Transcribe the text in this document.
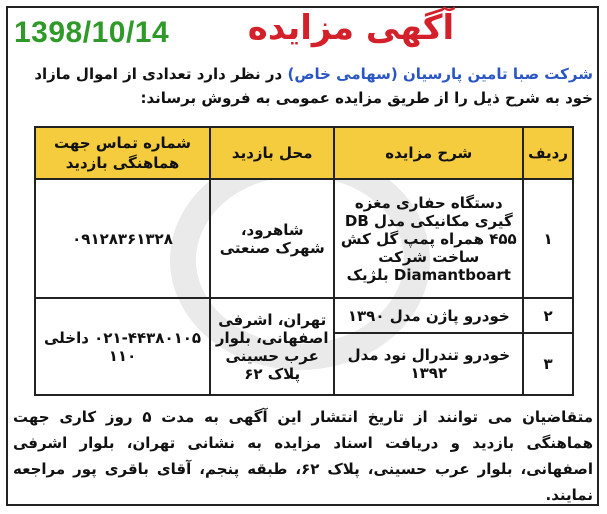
1398/10/14	آگهی مزایده
شرکت صبا تامین پارسیان (سهامی خاص) در نظر دارد تعدادی از اموال مازاد خود به شرح ذیل را از طریق مزایده عمومی به فروش برساند:
ردیف	شرح مزایده	محل بازدید	شماره تماس جهت هماهنگی بازدید
۱	دستگاه حفاری مغزه گیری مکانیکی مدل DB ۴۵۵ همراه پمپ گل کش ساخت شرکت Diamantboart بلژیک	شاهرود، شهرک صنعتی	۰۹۱۲۸۳۶۱۳۲۸
۲	خودرو پاژن مدل ۱۳۹۰	تهران، اشرفی اصفهانی، بلوار عرب حسینی پلاک ۶۲	۰۲۱-۴۴۳۸۰۱۰۵ داخلی ۱۱۰
۳	خودرو تندرال نود مدل ۱۳۹۲		
متقاضیان می توانند از تاریخ انتشار این آگهی به مدت ۵ روز کاری جهت هماهنگی بازدید و دریافت اسناد مزایده به نشانی تهران، بلوار اشرفی اصفهانی، بلوار عرب حسینی، پلاک ۶۲، طبقه پنجم، آقای باقری پور مراجعه نمایند.
